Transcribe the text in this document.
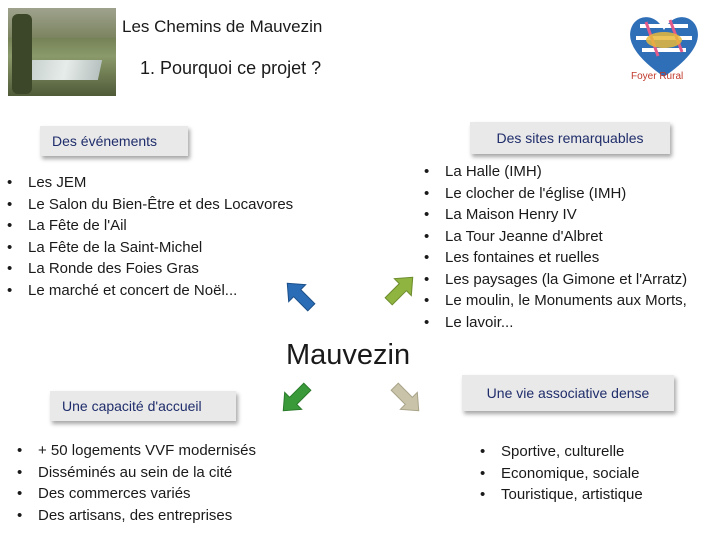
Les Chemins de Mauvezin
1. Pourquoi ce projet ?	Foyer Rural
Des événements
• Les JEM
• Le Salon du Bien-Être et des Locavores
• La Fête de l'Ail
• La Fête de la Saint-Michel
• La Ronde des Foies Gras
• Le marché et concert de Noël...
Des sites remarquables
• La Halle (IMH)
• Le clocher de l'église (IMH)
• La Maison Henry IV
• La Tour Jeanne d'Albret
• Les fontaines et ruelles
• Les paysages (la Gimone et l'Arratz)
• Le moulin, le Monuments aux Morts,
• Le lavoir...
Mauvezin
Une capacité d'accueil
• + 50 logements VVF modernisés
• Disséminés au sein de la cité
• Des commerces variés
• Des artisans, des entreprises
Une vie associative dense
• Sportive, culturelle
• Economique, sociale
• Touristique, artistique
